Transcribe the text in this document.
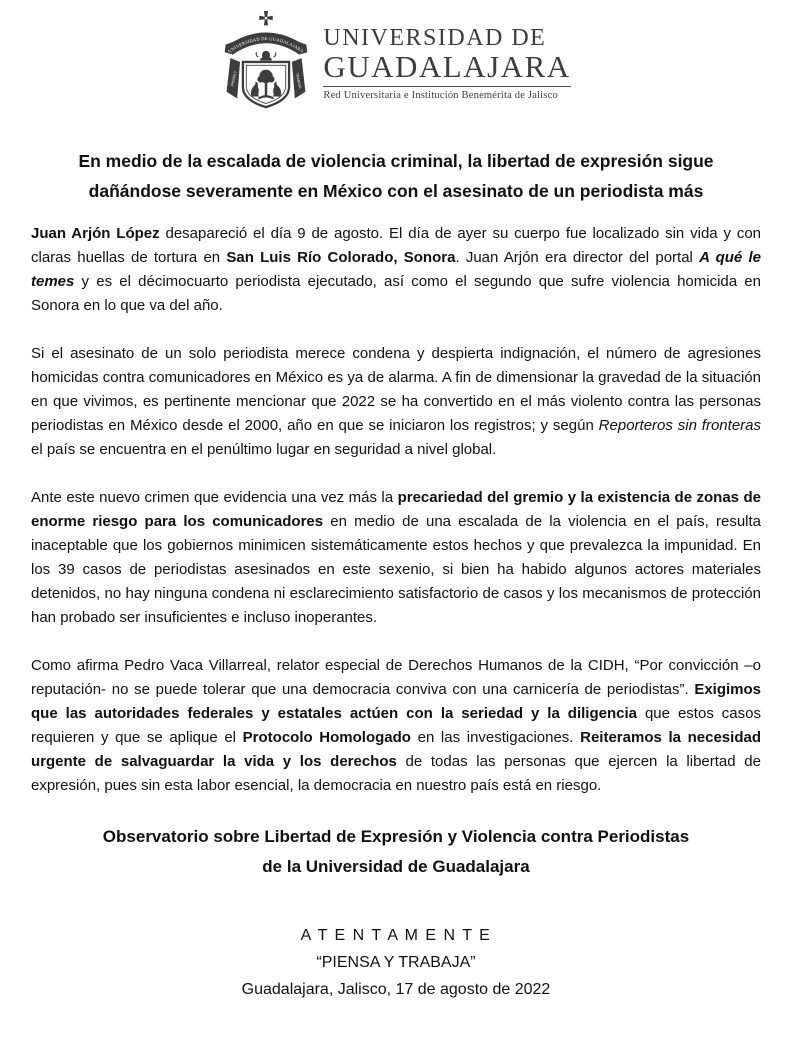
UNIVERSIDAD DE GUADALAJARA
PIENSA Y	TRABAJA
UNIVERSIDAD DE
GUADALAJARA
Red Universitaria e Institución Benemérita de Jalisco
En medio de la escalada de violencia criminal, la libertad de expresión sigue dañándose severamente en México con el asesinato de un periodista más

Juan Arjón López desapareció el día 9 de agosto. El día de ayer su cuerpo fue localizado sin vida y con claras huellas de tortura en San Luis Río Colorado, Sonora. Juan Arjón era director del portal A qué le temes y es el décimocuarto periodista ejecutado, así como el segundo que sufre violencia homicida en Sonora en lo que va del año.

Si el asesinato de un solo periodista merece condena y despierta indignación, el número de agresiones homicidas contra comunicadores en México es ya de alarma. A fin de dimensionar la gravedad de la situación en que vivimos, es pertinente mencionar que 2022 se ha convertido en el más violento contra las personas periodistas en México desde el 2000, año en que se iniciaron los registros; y según Reporteros sin fronteras el país se encuentra en el penúltimo lugar en seguridad a nivel global.

Ante este nuevo crimen que evidencia una vez más la precariedad del gremio y la existencia de zonas de enorme riesgo para los comunicadores en medio de una escalada de la violencia en el país, resulta inaceptable que los gobiernos minimicen sistemáticamente estos hechos y que prevalezca la impunidad. En los 39 casos de periodistas asesinados en este sexenio, si bien ha habido algunos actores materiales detenidos, no hay ninguna condena ni esclarecimiento satisfactorio de casos y los mecanismos de protección han probado ser insuficientes e incluso inoperantes.

Como afirma Pedro Vaca Villarreal, relator especial de Derechos Humanos de la CIDH, “Por convicción –o reputación- no se puede tolerar que una democracia conviva con una carnicería de periodistas”. Exigimos que las autoridades federales y estatales actúen con la seriedad y la diligencia que estos casos requieren y que se aplique el Protocolo Homologado en las investigaciones. Reiteramos la necesidad urgente de salvaguardar la vida y los derechos de todas las personas que ejercen la libertad de expresión, pues sin esta labor esencial, la democracia en nuestro país está en riesgo.

Observatorio sobre Libertad de Expresión y Violencia contra Periodistas
de la Universidad de Guadalajara
A T E N T A M E N T E
“PIENSA Y TRABAJA”
Guadalajara, Jalisco, 17 de agosto de 2022
